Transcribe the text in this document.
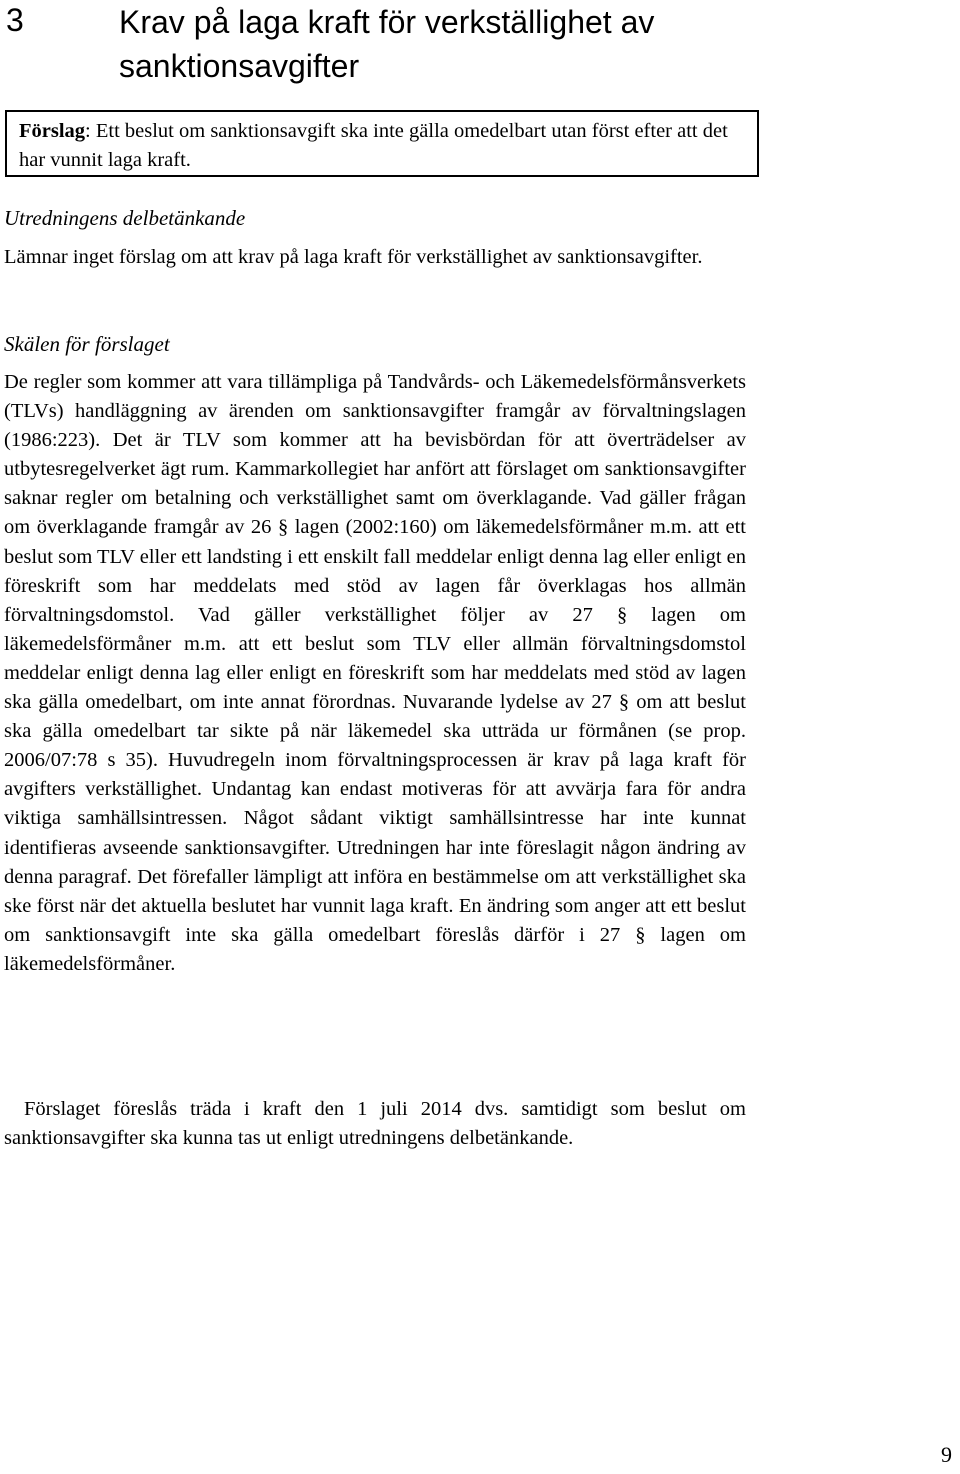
3	Krav på laga kraft för verkställighet av sanktionsavgifter
Förslag: Ett beslut om sanktionsavgift ska inte gälla omedelbart utan först efter att det har vunnit laga kraft.
Utredningens delbetänkande
Lämnar inget förslag om att krav på laga kraft för verkställighet av sanktionsavgifter.
Skälen för förslaget
De regler som kommer att vara tillämpliga på Tandvårds- och Läkemedelsförmånsverkets (TLVs) handläggning av ärenden om sanktionsavgifter framgår av förvaltningslagen (1986:223). Det är TLV som kommer att ha bevisbördan för att överträdelser av utbytesregelverket ägt rum. Kammarkollegiet har anfört att förslaget om sanktionsavgifter saknar regler om betalning och verkställighet samt om överklagande. Vad gäller frågan om överklagande framgår av 26 § lagen (2002:160) om läkemedelsförmåner m.m. att ett beslut som TLV eller ett landsting i ett enskilt fall meddelar enligt denna lag eller enligt en föreskrift som har meddelats med stöd av lagen får överklagas hos allmän förvaltningsdomstol. Vad gäller verkställighet följer av 27 § lagen om läkemedelsförmåner m.m. att ett beslut som TLV eller allmän förvaltningsdomstol meddelar enligt denna lag eller enligt en föreskrift som har meddelats med stöd av lagen ska gälla omedelbart, om inte annat förordnas. Nuvarande lydelse av 27 § om att beslut ska gälla omedelbart tar sikte på när läkemedel ska utträda ur förmånen (se prop. 2006/07:78 s 35). Huvudregeln inom förvaltningsprocessen är krav på laga kraft för avgifters verkställighet. Undantag kan endast motiveras för att avvärja fara för andra viktiga samhällsintressen. Något sådant viktigt samhällsintresse har inte kunnat identifieras avseende sanktionsavgifter. Utredningen har inte föreslagit någon ändring av denna paragraf. Det förefaller lämpligt att införa en bestämmelse om att verkställighet ska ske först när det aktuella beslutet har vunnit laga kraft. En ändring som anger att ett beslut om sanktionsavgift inte ska gälla omedelbart föreslås därför i 27 § lagen om läkemedelsförmåner.
Förslaget föreslås träda i kraft den 1 juli 2014 dvs. samtidigt som beslut om sanktionsavgifter ska kunna tas ut enligt utredningens delbetänkande.
9
